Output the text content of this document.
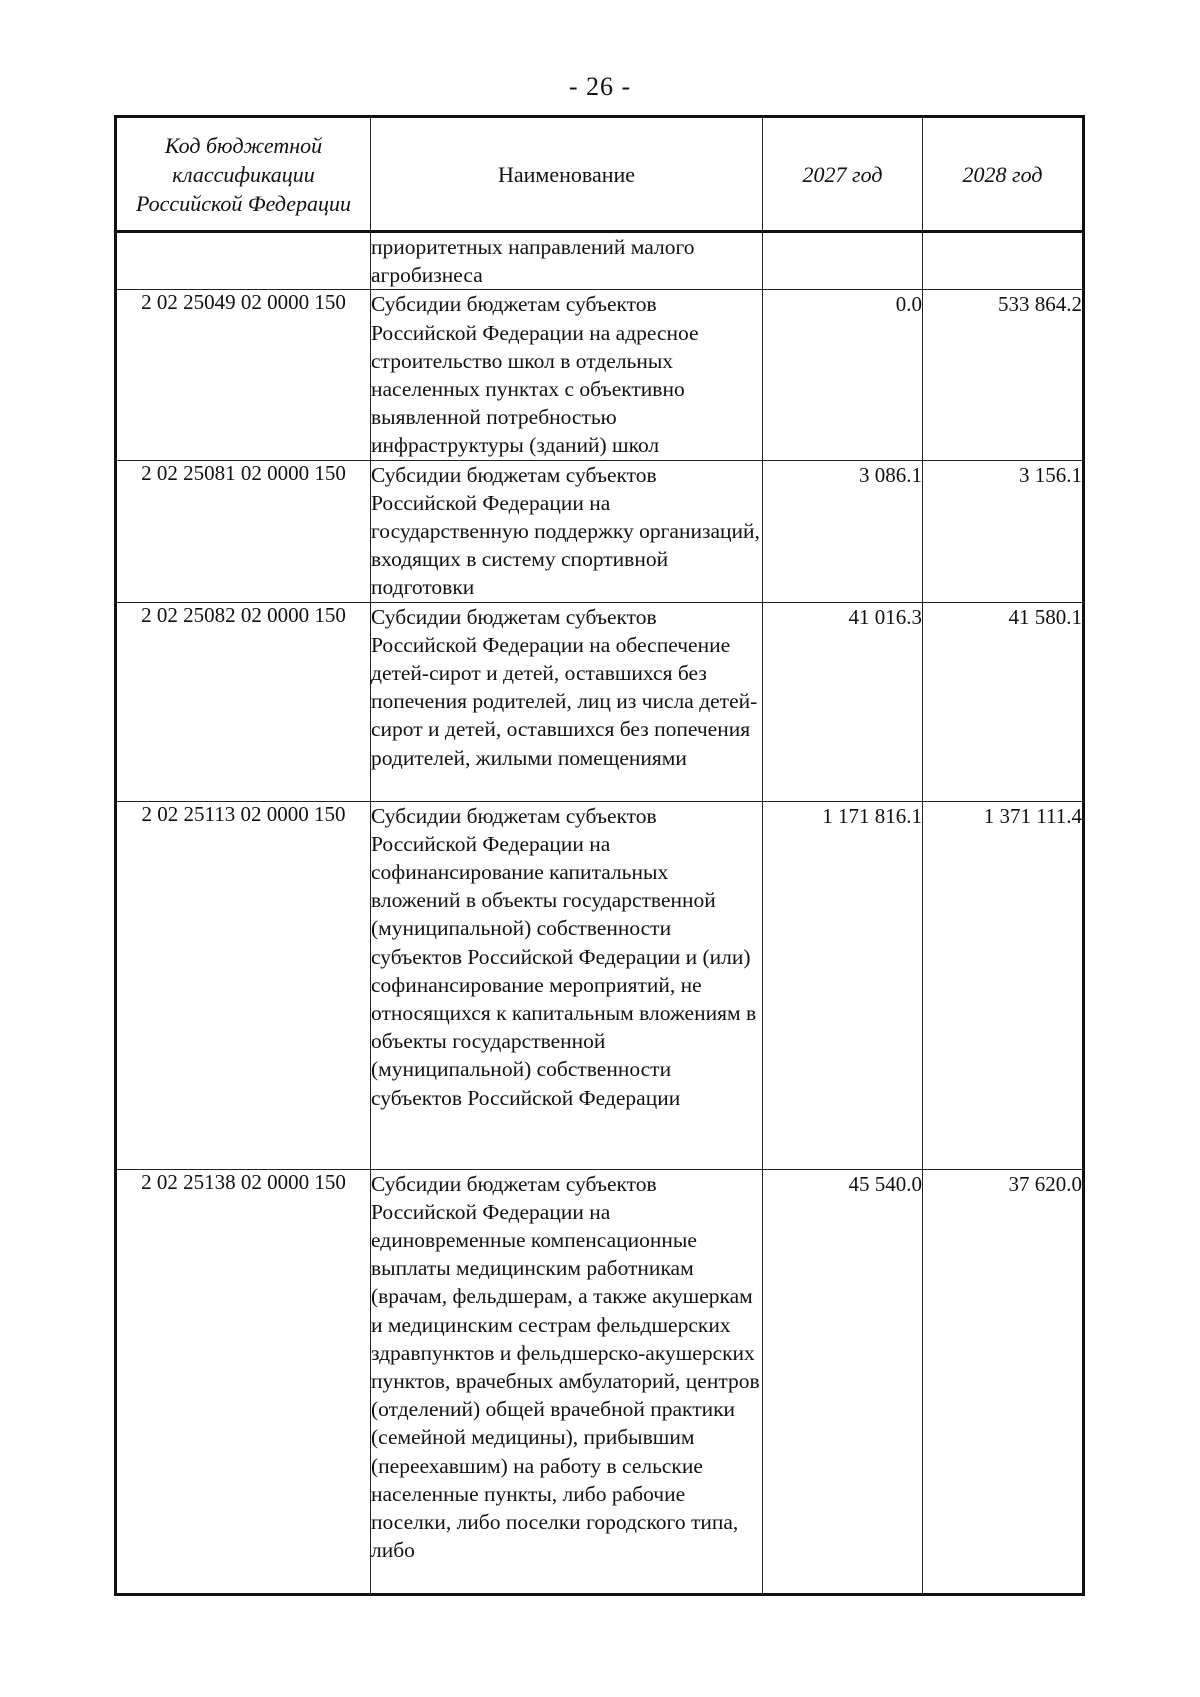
- 26 -
Код бюджетной классификации Российской Федерации	Наименование	2027 год	2028 год
	приоритетных направлений малого агробизнеса		
2 02 25049 02 0000 150	Субсидии бюджетам субъектов Российской Федерации на адресное строительство школ в отдельных населенных пунктах с объективно выявленной потребностью инфраструктуры (зданий) школ	0.0	533 864.2
2 02 25081 02 0000 150	Субсидии бюджетам субъектов Российской Федерации на государственную поддержку организаций, входящих в систему спортивной подготовки	3 086.1	3 156.1
2 02 25082 02 0000 150	Субсидии бюджетам субъектов Российской Федерации на обеспечение детей-сирот и детей, оставшихся без попечения родителей, лиц из числа детей-сирот и детей, оставшихся без попечения родителей, жилыми помещениями	41 016.3	41 580.1
2 02 25113 02 0000 150	Субсидии бюджетам субъектов Российской Федерации на софинансирование капитальных вложений в объекты государственной (муниципальной) собственности субъектов Российской Федерации и (или) софинансирование мероприятий, не относящихся к капитальным вложениям в объекты государственной (муниципальной) собственности субъектов Российской Федерации	1 171 816.1	1 371 111.4
2 02 25138 02 0000 150	Субсидии бюджетам субъектов Российской Федерации на единовременные компенсационные выплаты медицинским работникам (врачам, фельдшерам, а также акушеркам и медицинским сестрам фельдшерских здравпунктов и фельдшерско-акушерских пунктов, врачебных амбулаторий, центров (отделений) общей врачебной практики (семейной медицины), прибывшим (переехавшим) на работу в сельские населенные пункты, либо рабочие поселки, либо поселки городского типа, либо	45 540.0	37 620.0
